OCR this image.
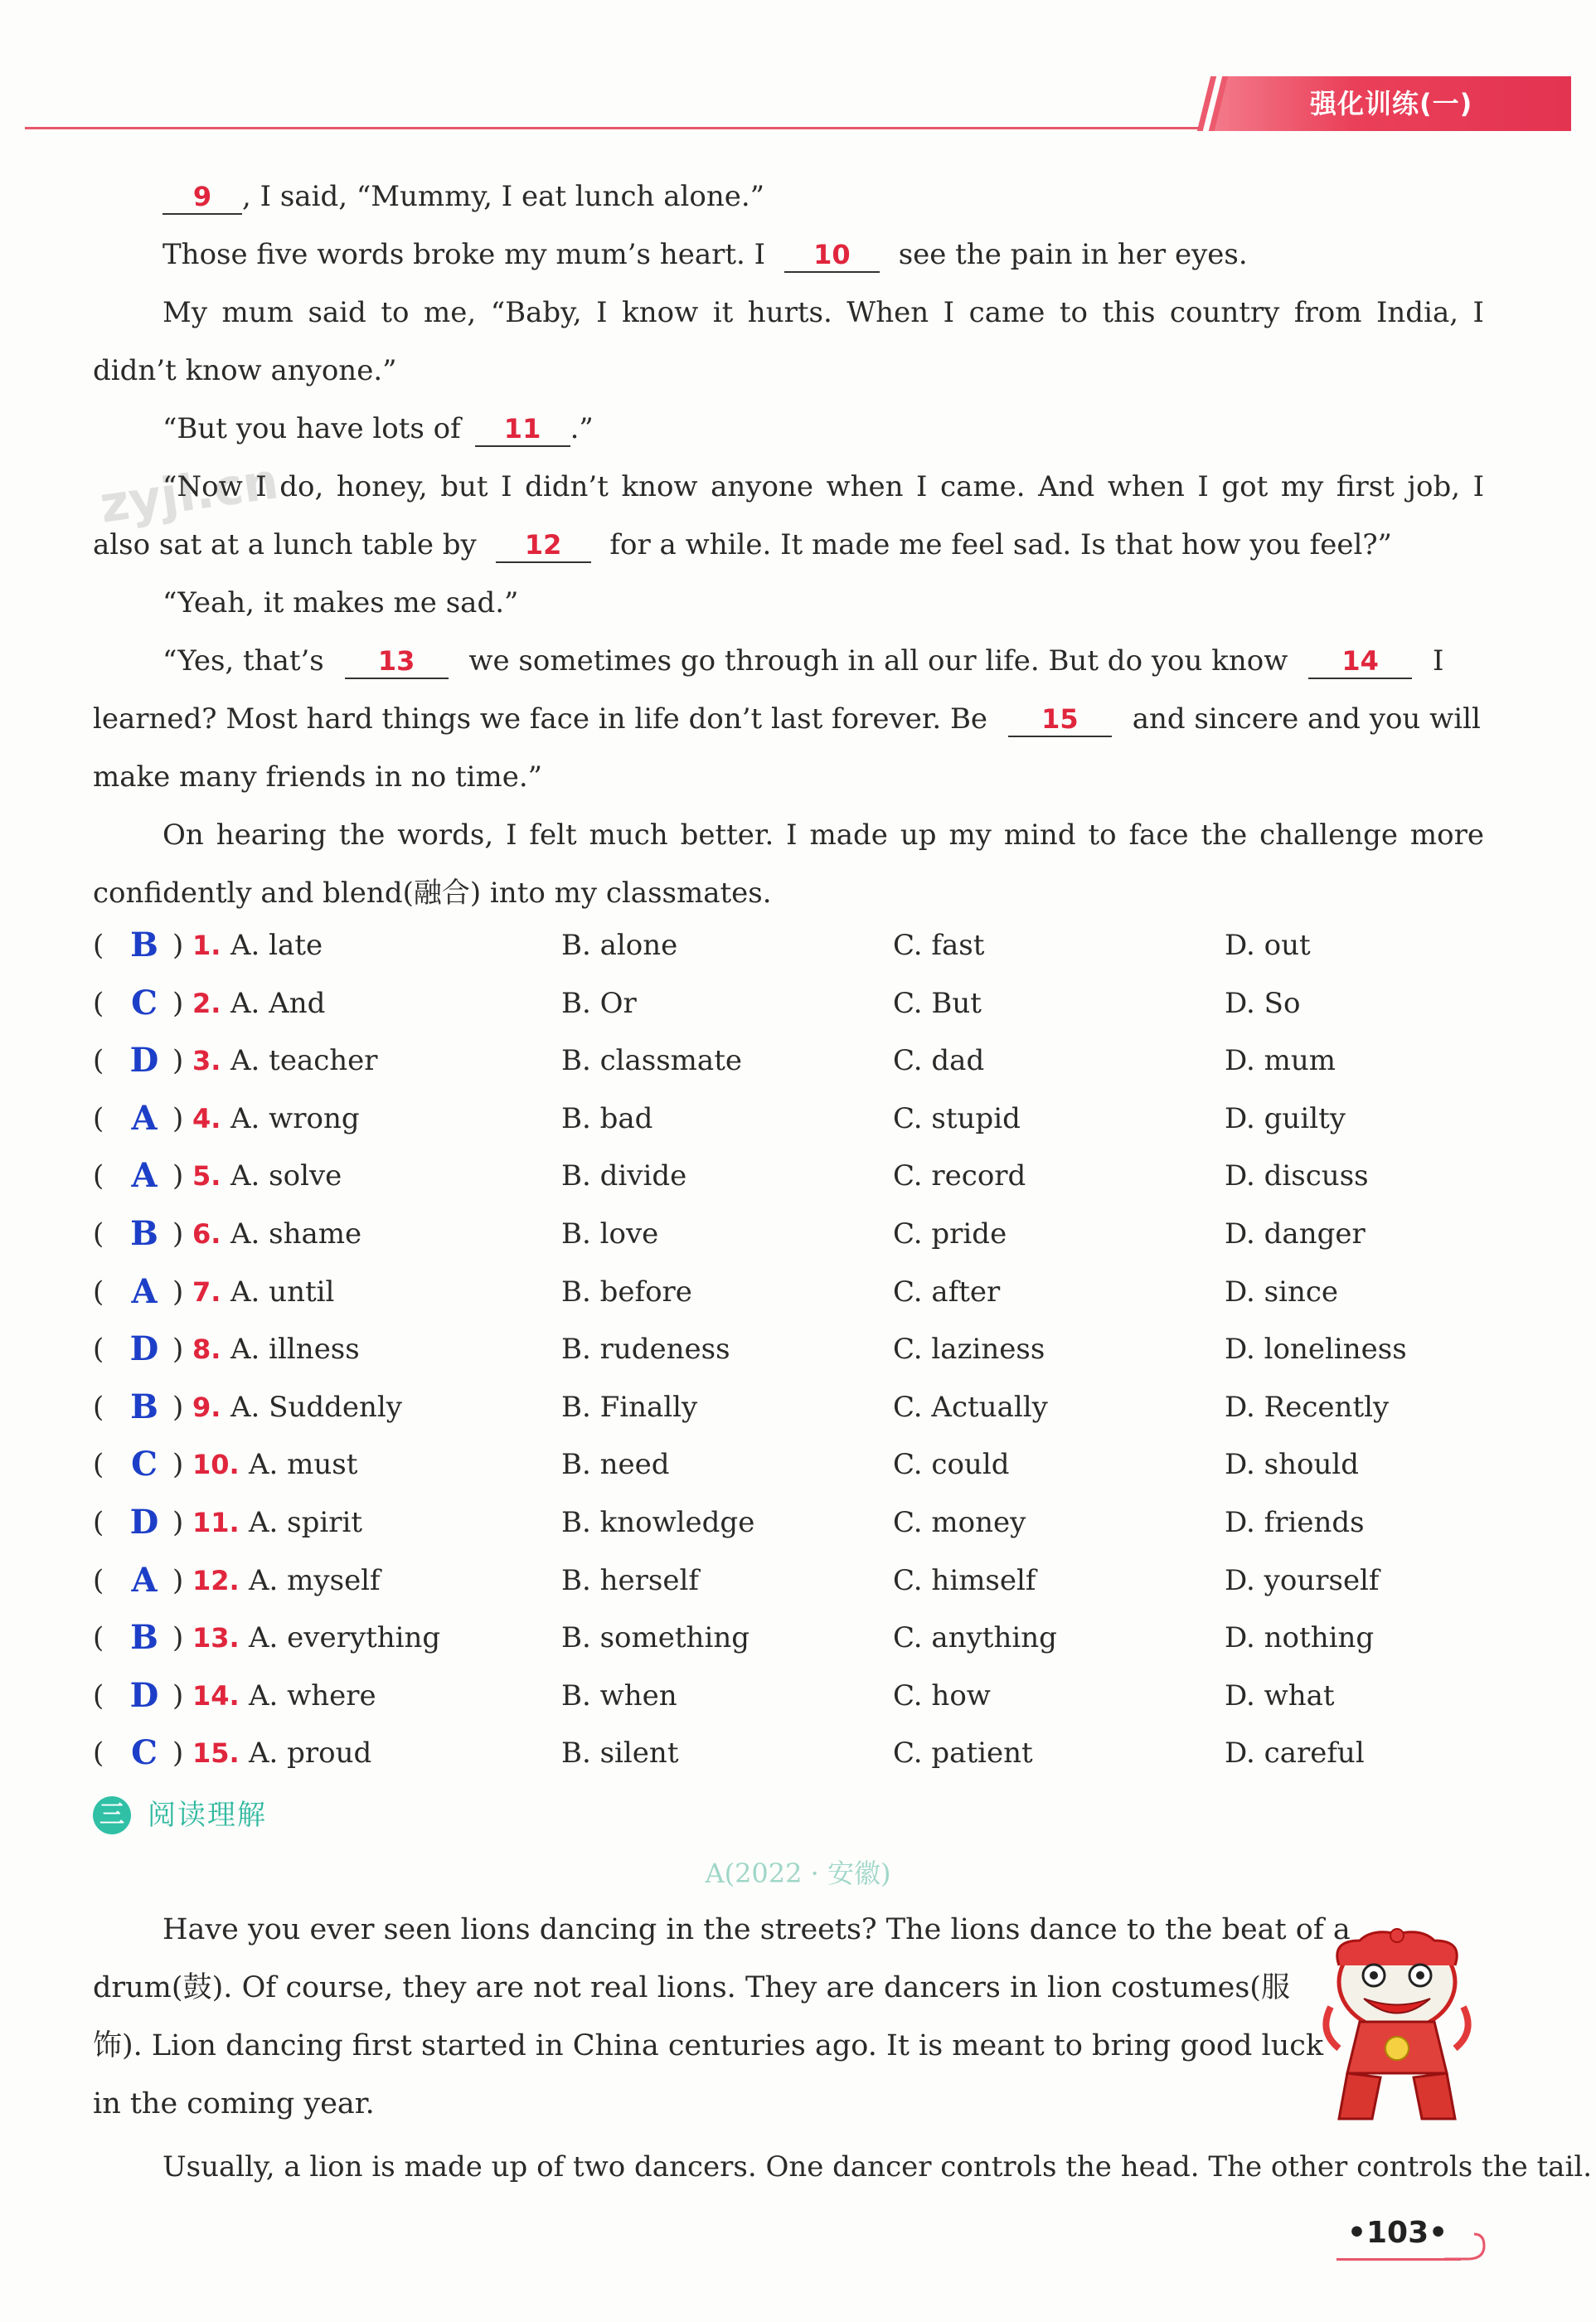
强化训练(一)
zyjl.cn
9 , I said, “Mummy, I eat lunch alone.”
Those five words broke my mum’s heart. I 10 see the pain in her eyes.
My mum said to me, “Baby, I know it hurts. When I came to this country from India, I
didn’t know anyone.”
“But you have lots of 11 .”
“Now I do, honey, but I didn’t know anyone when I came. And when I got my first job, I
also sat at a lunch table by 12 for a while. It made me feel sad. Is that how you feel?”
“Yeah, it makes me sad.”
“Yes, that’s 13 we sometimes go through in all our life. But do you know 14 I
learned? Most hard things we face in life don’t last forever. Be 15 and sincere and you will
make many friends in no time.”
On hearing the words, I felt much better. I made up my mind to face the challenge more
confidently and blend(融合) into my classmates.
( B ) 1. A. late	B. alone	C. fast	D. out
( C ) 2. A. And	B. Or	C. But	D. So
( D ) 3. A. teacher	B. classmate	C. dad	D. mum
( A ) 4. A. wrong	B. bad	C. stupid	D. guilty
( A ) 5. A. solve	B. divide	C. record	D. discuss
( B ) 6. A. shame	B. love	C. pride	D. danger
( A ) 7. A. until	B. before	C. after	D. since
( D ) 8. A. illness	B. rudeness	C. laziness	D. loneliness
( B ) 9. A. Suddenly	B. Finally	C. Actually	D. Recently
( C ) 10. A. must	B. need	C. could	D. should
( D ) 11. A. spirit	B. knowledge	C. money	D. friends
( A ) 12. A. myself	B. herself	C. himself	D. yourself
( B ) 13. A. everything	B. something	C. anything	D. nothing
( D ) 14. A. where	B. when	C. how	D. what
( C ) 15. A. proud	B. silent	C. patient	D. careful
三 阅读理解
A(2022 · 安徽)
Have you ever seen lions dancing in the streets? The lions dance to the beat of a
drum(鼓). Of course, they are not real lions. They are dancers in lion costumes(服
饰). Lion dancing first started in China centuries ago. It is meant to bring good luck
in the coming year.
Usually, a lion is made up of two dancers. One dancer controls the head. The other controls the tail.
•103•
